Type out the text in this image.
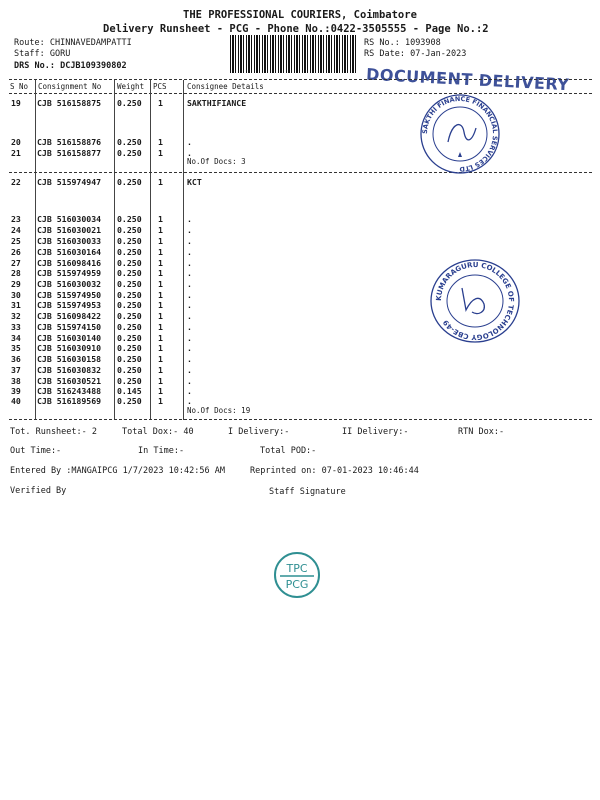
THE PROFESSIONAL COURIERS, Coimbatore
Delivery Runsheet - PCG - Phone No.:0422-3505555 - Page No.:2
Route: CHINNAVEDAMPATTI
Staff: GORU
DRS No.: DCJB109390802
RS No.: 1093908
RS Date: 07-Jan-2023
DOCUMENT DELIVERY
S No Consignment No Weight PCS	Consignee Details
19 CJB 516158875 0.250 1	SAKTHIFIANCE
20 CJB 516158876 0.250 1	.
21 CJB 516158877 0.250 1	.
22 CJB 515974947 0.250 1	KCT
23 CJB 516030034 0.250 1	.
24 CJB 516030021 0.250 1	.
25 CJB 516030033 0.250 1	.
26 CJB 516030164 0.250 1	.
27 CJB 516098416 0.250 1	.
28 CJB 515974959 0.250 1	.
29 CJB 516030032 0.250 1	.
30 CJB 515974950 0.250 1	.
31 CJB 515974953 0.250 1	.
32 CJB 516098422 0.250 1	.
33 CJB 515974150 0.250 1	.
34 CJB 516030140 0.250 1	.
35 CJB 516030910 0.250 1	.
36 CJB 516030158 0.250 1	.
37 CJB 516030832 0.250 1	.
38 CJB 516030521 0.250 1	.
39 CJB 516243488 0.145 1	.
40 CJB 516189569 0.250 1	.
No.Of Docs: 3
No.Of Docs: 19
SAKTHI FINANCE FINANCIAL SERVICES LTD
KUMARAGURU COLLEGE OF TECHNOLOGY CBE-49
Tot. Runsheet:- 2	Total Dox:- 40	I Delivery:-	II Delivery:-	RTN Dox:-
Out Time:-	In Time:-	Total POD:-
Entered By :MANGAIPCG 1/7/2023 10:42:56 AM	Reprinted on: 07-01-2023 10:46:44
Verified By	Staff Signature
TPC
PCG
